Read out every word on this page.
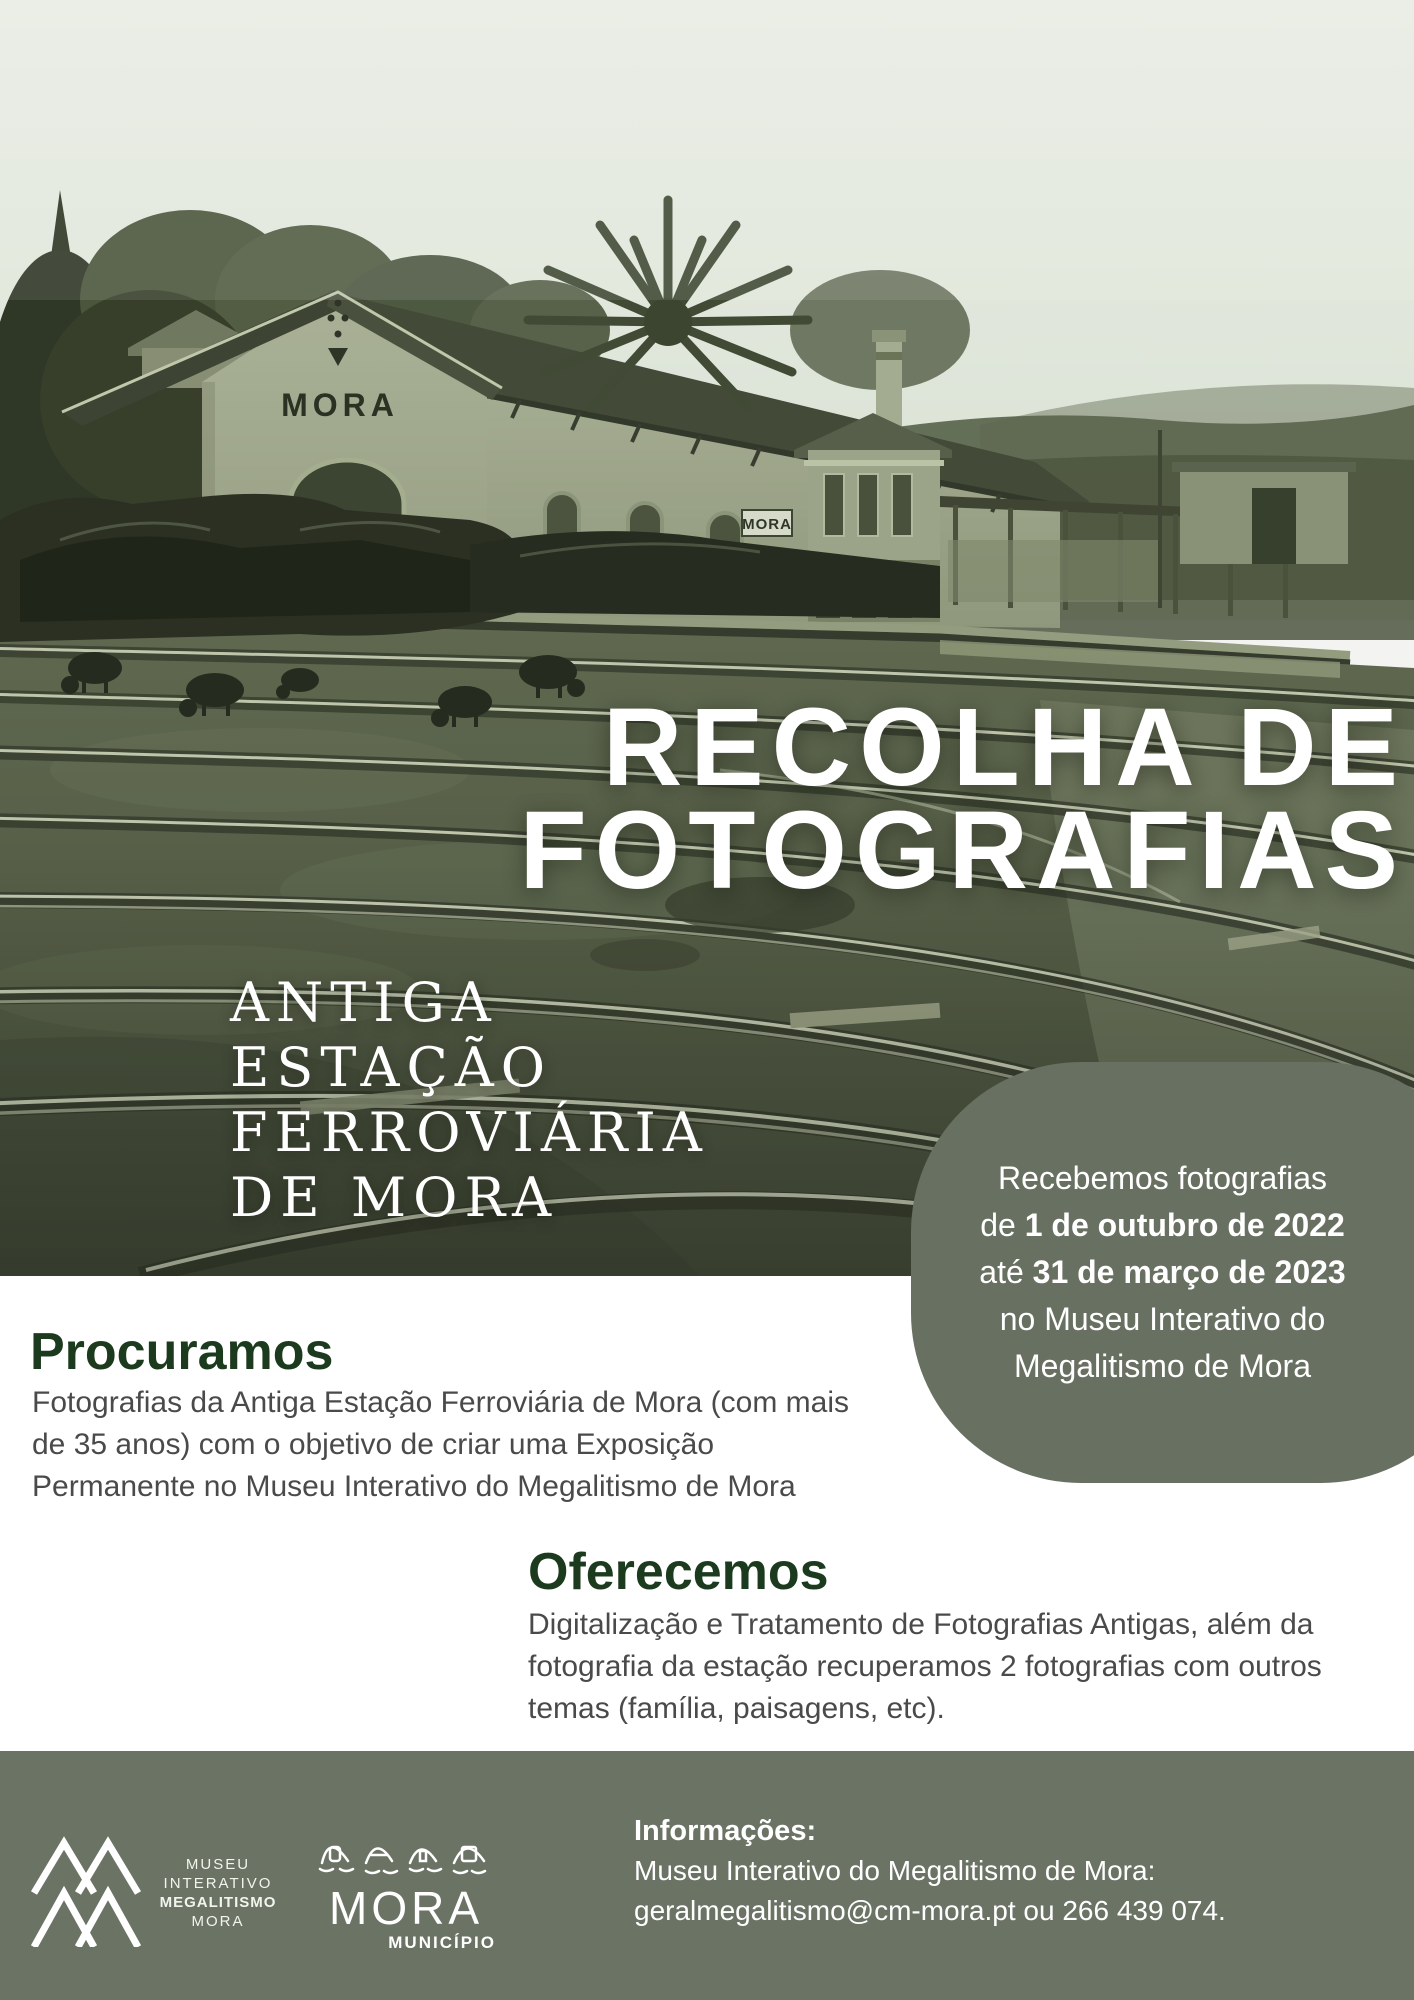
MORA
MORA
RECOLHA DE
FOTOGRAFIAS
ANTIGA
ESTAÇÃO
FERROVIÁRIA
DE MORA	Recebemos fotografias
de 1 de outubro de 2022
até 31 de março de 2023
no Museu Interativo do
Megalitismo de Mora
Procuramos
Fotografias da Antiga Estação Ferroviária de Mora (com mais
de 35 anos) com o objetivo de criar uma Exposição
Permanente no Museu Interativo do Megalitismo de Mora
Oferecemos
Digitalização e Tratamento de Fotografias Antigas, além da
fotografia da estação recuperamos 2 fotografias com outros
temas (família, paisagens, etc).
MUSEU
INTERATIVO
MEGALITISMO
MORA	MORA
MUNICÍPIO
Informações:
Museu Interativo do Megalitismo de Mora:
geralmegalitismo@cm-mora.pt ou 266 439 074.
